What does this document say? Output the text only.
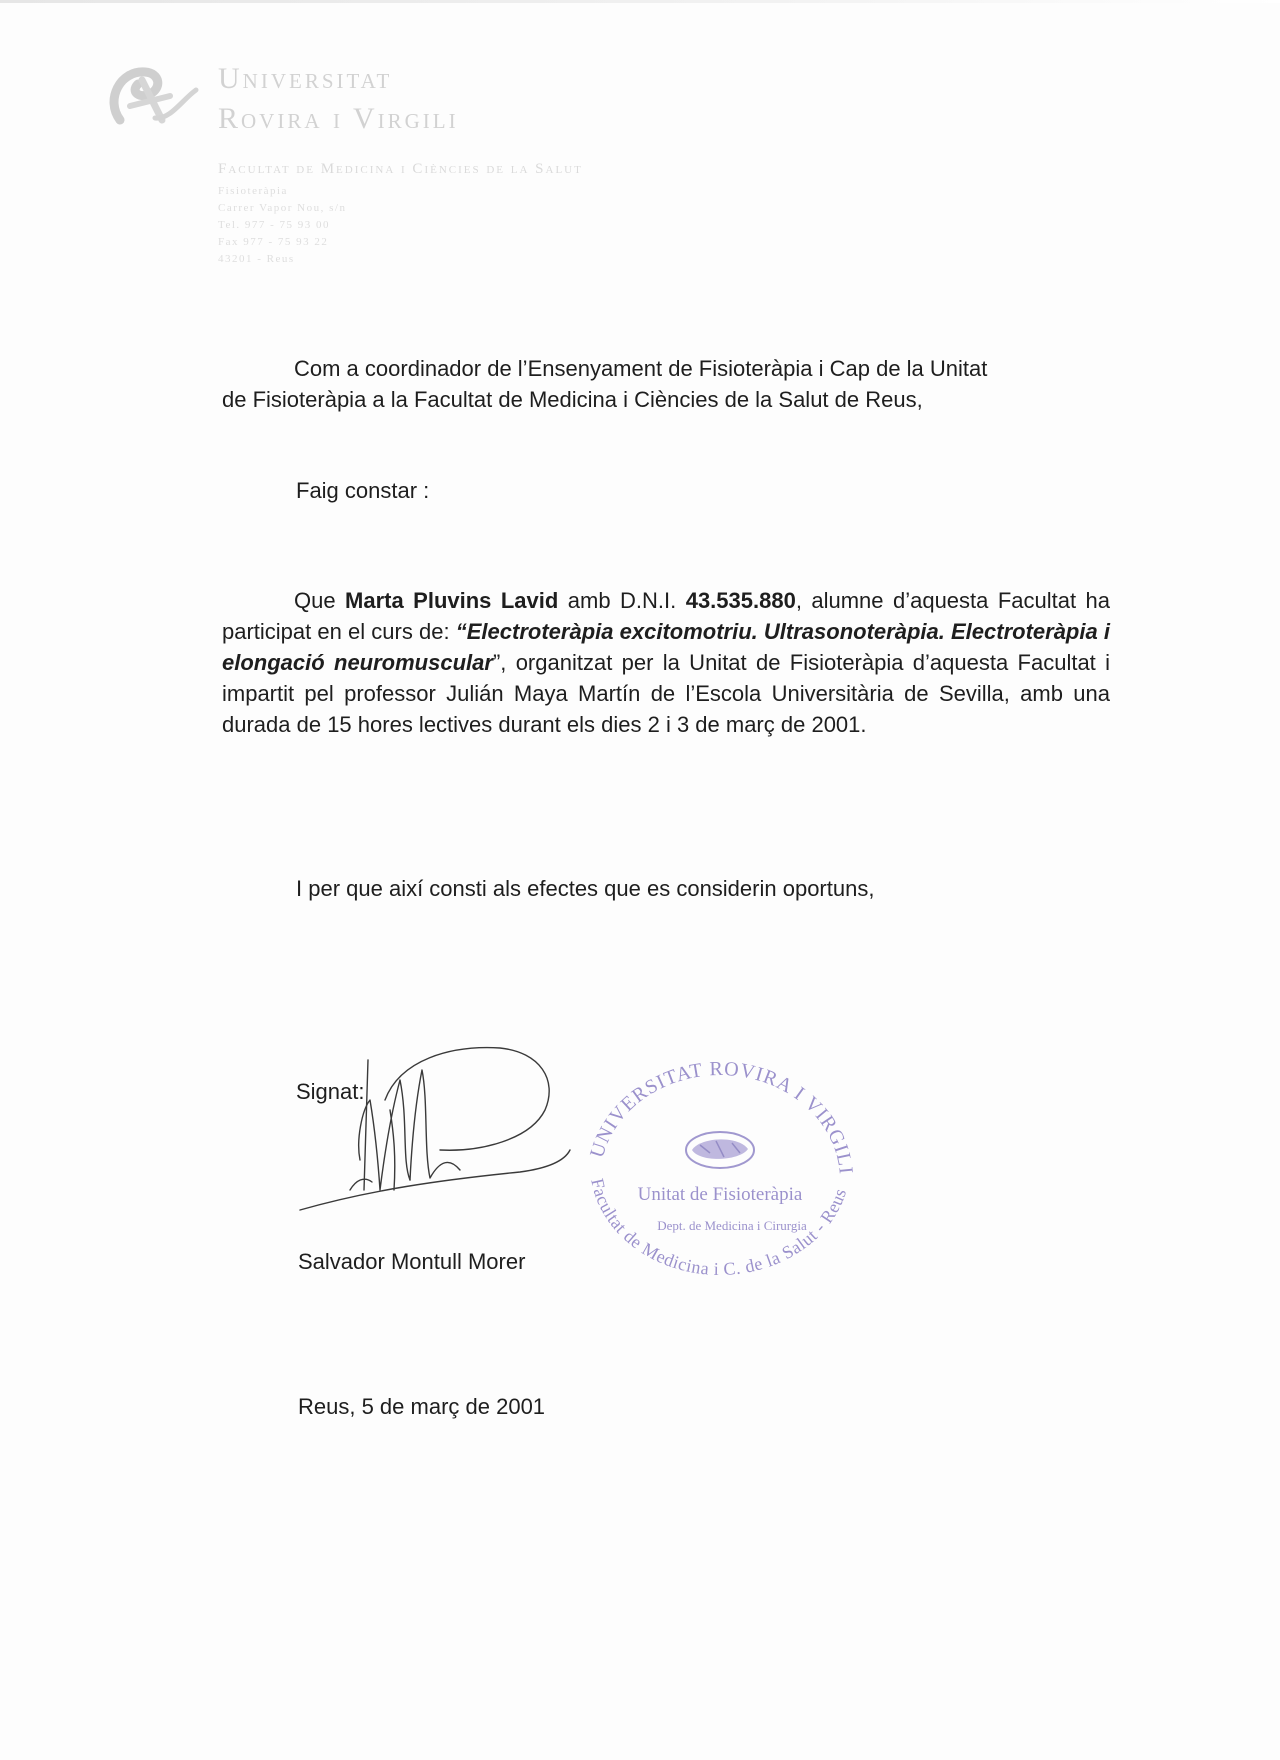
Universitat
Rovira i Virgili
Facultat de Medicina i Ciències de la Salut
Fisioteràpia
Carrer Vapor Nou, s/n
Tel. 977 - 75 93 00
Fax 977 - 75 93 22
43201 - Reus
Com a coordinador de l’Ensenyament de Fisioteràpia i Cap de la Unitat
de Fisioteràpia a la Facultat de Medicina i Ciències de la Salut de Reus,
Faig constar :
Que Marta Pluvins Lavid amb D.N.I. 43.535.880, alumne d’aquesta Facultat ha participat en el curs de: “Electroteràpia excitomotriu. Ultrasonoteràpia. Electroteràpia i elongació neuromuscular”, organitzat per la Unitat de Fisioteràpia d’aquesta Facultat i impartit pel professor Julián Maya Martín de l’Escola Universitària de Sevilla, amb una durada de 15 hores lectives durant els dies 2 i 3 de març de 2001.
I per que així consti als efectes que es considerin oportuns,
Signat:
UNIVERSITAT ROVIRA I VIRGILI
Unitat de Fisioteràpia
Dept. de Medicina i Cirurgia
Facultat de Medicina i C. de la Salut - Reus
Salvador Montull Morer
Reus, 5 de març de 2001
